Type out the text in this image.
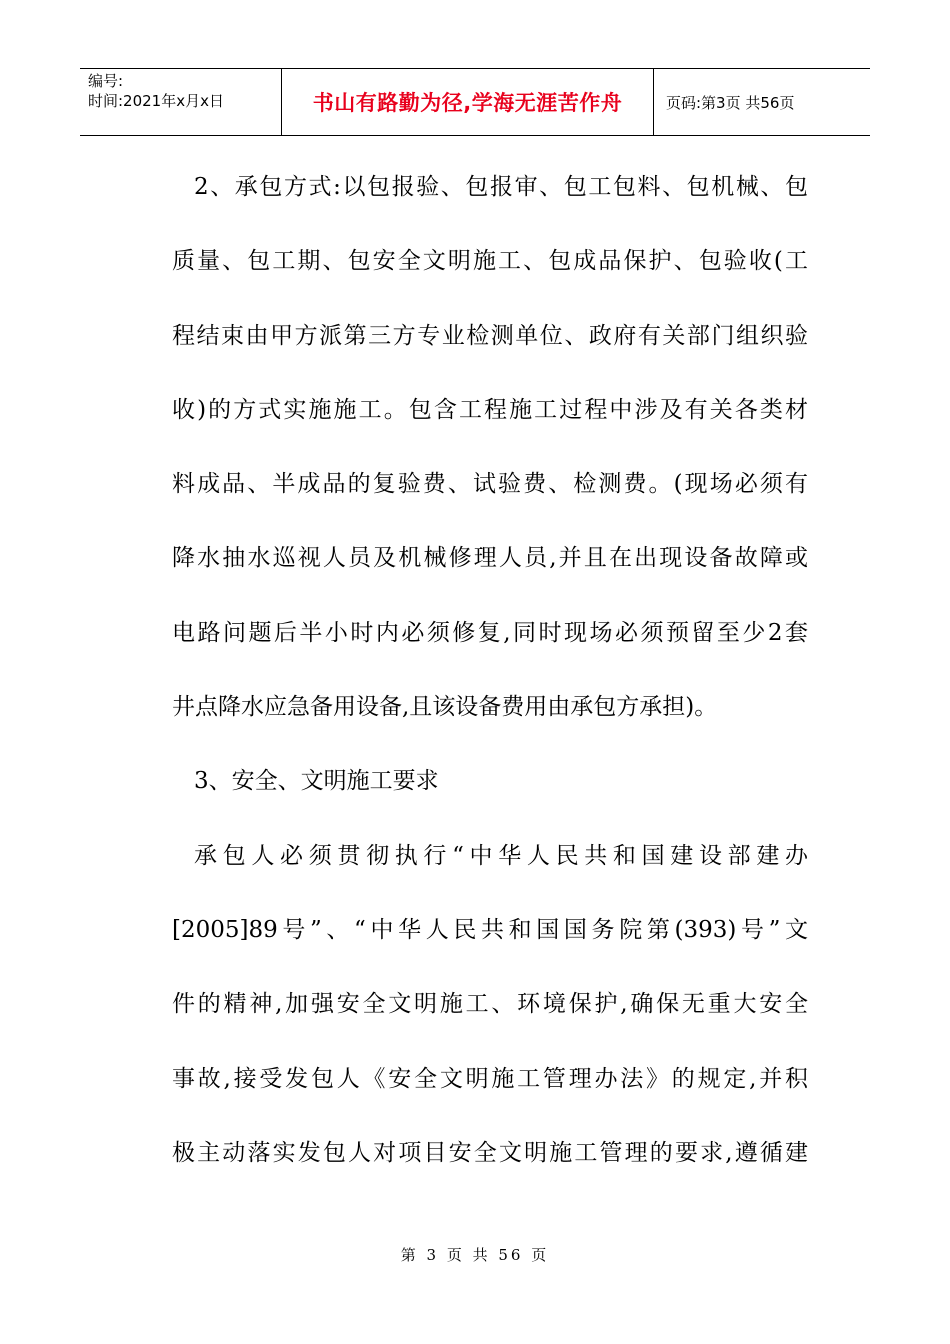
编号:
时间:2021年x月x日	书山有路勤为径,学海无涯苦作舟	页码:第3页 共56页
2、承包方式:以包报验、包报审、包工包料、包机械、包
质量、包工期、包安全文明施工、包成品保护、包验收(工
程结束由甲方派第三方专业检测单位、政府有关部门组织验
收)的方式实施施工。包含工程施工过程中涉及有关各类材
料成品、半成品的复验费、试验费、检测费。(现场必须有
降水抽水巡视人员及机械修理人员,并且在出现设备故障或
电路问题后半小时内必须修复,同时现场必须预留至少2套
井点降水应急备用设备,且该设备费用由承包方承担)。
3、安全、文明施工要求
承包人必须贯彻执行“中华人民共和国建设部建办
[2005]89号”、“中华人民共和国国务院第(393)号”文
件的精神,加强安全文明施工、环境保护,确保无重大安全
事故,接受发包人《安全文明施工管理办法》的规定,并积
极主动落实发包人对项目安全文明施工管理的要求,遵循建
第 3 页 共 56 页
